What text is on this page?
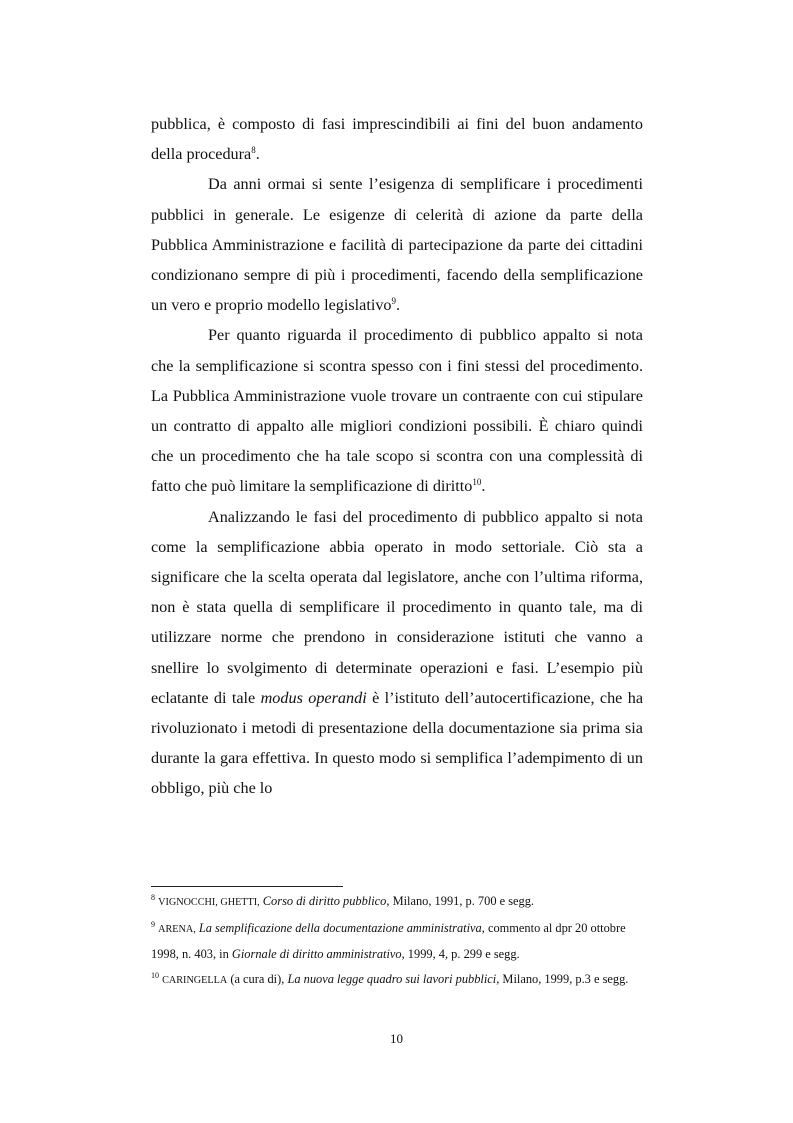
pubblica, è composto di fasi imprescindibili ai fini del buon andamento della procedura$^8$.

Da anni ormai si sente l’esigenza di semplificare i procedimenti pubblici in generale. Le esigenze di celerità di azione da parte della Pubblica Amministrazione e facilità di partecipazione da parte dei cittadini condizionano sempre di più i procedimenti, facendo della semplificazione un vero e proprio modello legislativo$^9$.

Per quanto riguarda il procedimento di pubblico appalto si nota che la semplificazione si scontra spesso con i fini stessi del procedimento. La Pubblica Amministrazione vuole trovare un contraente con cui stipulare un contratto di appalto alle migliori condizioni possibili. È chiaro quindi che un procedimento che ha tale scopo si scontra con una complessità di fatto che può limitare la semplificazione di diritto$^{10}$.

Analizzando le fasi del procedimento di pubblico appalto si nota come la semplificazione abbia operato in modo settoriale. Ciò sta a significare che la scelta operata dal legislatore, anche con l’ultima riforma, non è stata quella di semplificare il procedimento in quanto tale, ma di utilizzare norme che prendono in considerazione istituti che vanno a snellire lo svolgimento di determinate operazioni e fasi. L’esempio più eclatante di tale modus operandi è l’istituto dell’autocertificazione, che ha rivoluzionato i metodi di presentazione della documentazione sia prima sia durante la gara effettiva. In questo modo si semplifica l’adempimento di un obbligo, più che lo

$^8$ VIGNOCCHI, GHETTI, Corso di diritto pubblico, Milano, 1991, p. 700 e segg.

$^9$ ARENA, La semplificazione della documentazione amministrativa, commento al dpr 20 ottobre 1998, n. 403, in Giornale di diritto amministrativo, 1999, 4, p. 299 e segg.

$^{10}$ CARINGELLA (a cura di), La nuova legge quadro sui lavori pubblici, Milano, 1999, p.3 e segg.

10
